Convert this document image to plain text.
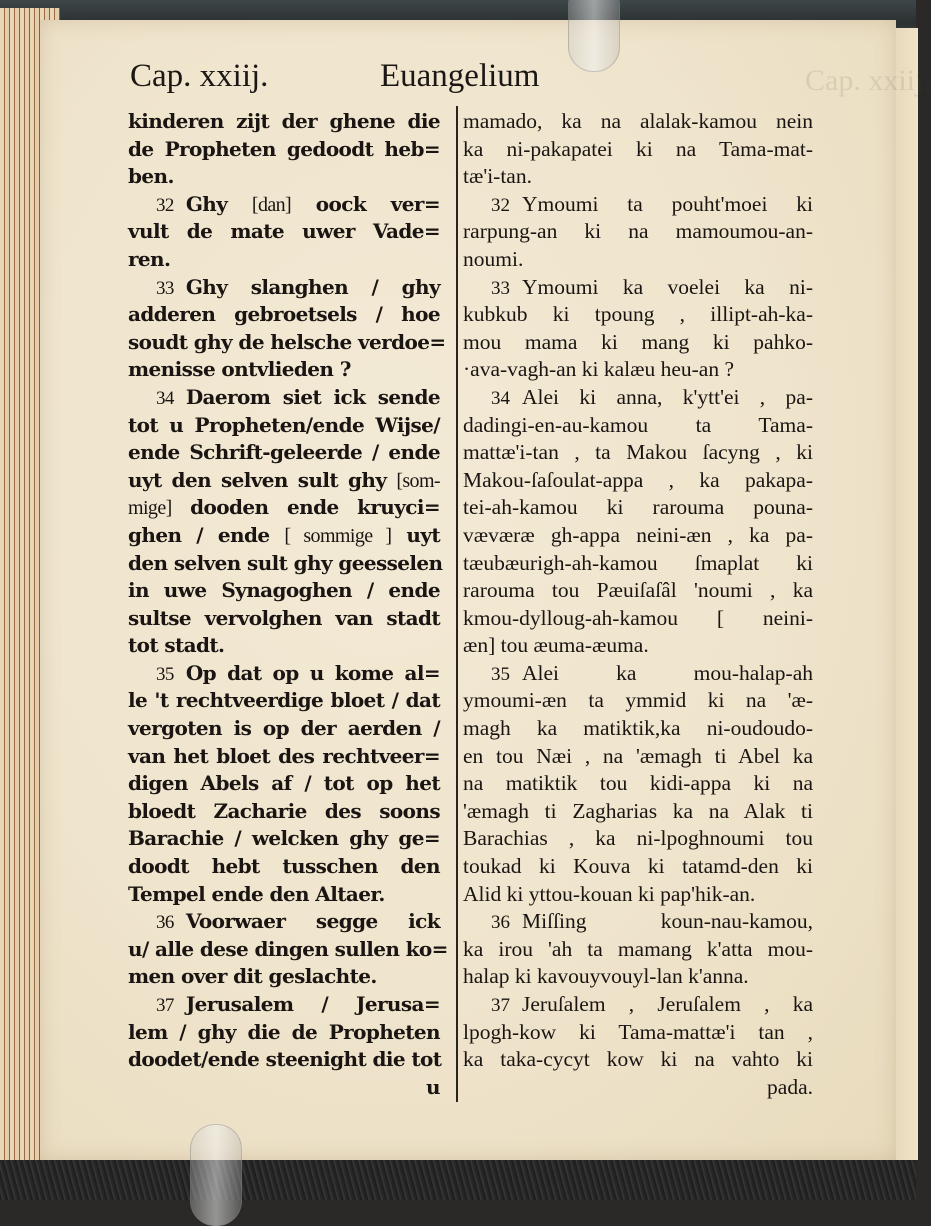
Cap. xxiij.
Cap. xxiij.	Euangelium
kinderen zijt der ghene die
de Propheten gedoodt heb=
ben.
32 Ghy [dan] oock ver=
vult de mate uwer Vade=
ren.
33 Ghy slanghen / ghy
adderen gebroetsels / hoe
soudt ghy de helsche verdoe=
menisse ontvlieden ?
34 Daerom siet ick sende
tot u Propheten/ende Wijse/
ende Schrift-geleerde / ende
uyt den selven sult ghy [som-
mige] dooden ende kruyci=
ghen / ende [ sommige ] uyt
den selven sult ghy geesselen
in uwe Synagoghen / ende
sultse vervolghen van stadt
tot stadt.
35 Op dat op u kome al=
le 't rechtveerdige bloet / dat
vergoten is op der aerden /
van het bloet des rechtveer=
digen Abels af / tot op het
bloedt Zacharie des soons
Barachie / welcken ghy ge=
doodt hebt tusschen den
Tempel ende den Altaer.
36 Voorwaer segge ick
u/ alle dese dingen sullen ko=
men over dit geslachte.
37 Jerusalem / Jerusa=
lem / ghy die de Propheten
doodet/ende steenight die tot
u
mamado, ka na alalak-kamou nein
ka ni-pakapatei ki na Tama-mat-
tæ'i-tan.
32 Ymoumi ta pouht'moei ki
rarpung-an ki na mamoumou-an-
noumi.
33 Ymoumi ka voelei ka ni-
kubkub ki tpoung , illipt-ah-ka-
mou mama ki mang ki pahko-
·ava-vagh-an ki kalæu heu-an ?
34 Alei ki anna, k'ytt'ei , pa-
dadingi-en-au-kamou ta Tama-
mattæ'i-tan , ta Makou ſacyng , ki
Makou-ſaſoulat-appa , ka pakapa-
tei-ah-kamou ki rarouma pouna-
væværæ gh-appa neini-æn , ka pa-
tæubæurigh-ah-kamou ſmaplat ki
rarouma tou Pæuiſaſâl 'noumi , ka
kmou-dylloug-ah-kamou [ neini-
æn] tou æuma-æuma.
35 Alei ka mou-halap-ah
ymoumi-æn ta ymmid ki na 'æ-
magh ka matiktik,ka ni-oudoudo-
en tou Næi , na 'æmagh ti Abel ka
na matiktik tou kidi-appa ki na
'æmagh ti Zagharias ka na Alak ti
Barachias , ka ni-lpoghnoumi tou
toukad ki Kouva ki tatamd-den ki
Alid ki yttou-kouan ki pap'hik-an.
36 Miſſing koun-nau-kamou,
ka irou 'ah ta mamang k'atta mou-
halap ki kavouyvouyl-lan k'anna.
37 Jeruſalem , Jeruſalem , ka
lpogh-kow ki Tama-mattæ'i tan ,
ka taka-cycyt kow ki na vahto ki
pada.
